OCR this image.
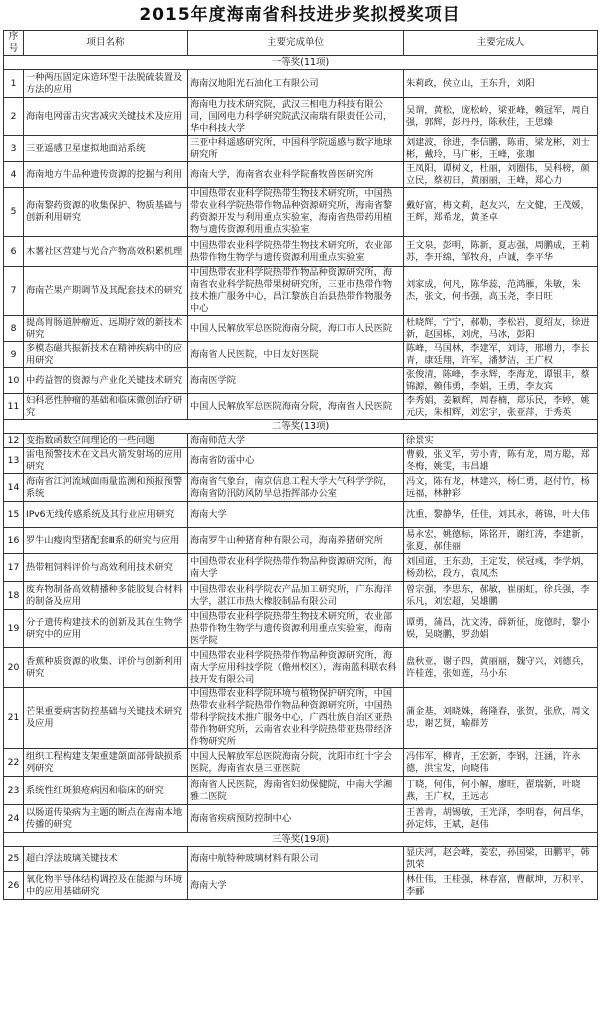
2015年度海南省科技进步奖拟授奖项目
序号	项目名称	主要完成单位	主要完成人
一等奖(11项)			
1	一种两压固定床造环型干法脱硫装置及方法的应用	海南汉地阳光石油化工有限公司	朱莉政，侯立山，王东升，刘阳
2	海南电网雷击灾害减灾关键技术及应用	海南电力技术研究院，武汉三相电力科技有限公司，国网电力科学研究院武汉南瑞有限责任公司，华中科技大学	吴谓，黄松，庞松岭，梁亚峰，赖冠军，周自强，郭辉，彭丹丹，陈秋佳，王思臻
3	三亚遥感卫星虚拟地面站系统	三亚中科遥感研究所，中国科学院遥感与数字地球研究所	刘建波，徐进，李信鹏，陈甫，梁龙彬，刘士彬，戴玲，马广彬，王峰，张珈
4	海南地方牛品种遗传资源的挖掘与利用	海南大学，海南省农业科学院畜牧兽医研究所	王凤阳，谭树义，杜丽，刘圈伟，吴科榜，颜立民，蔡初日，黄丽丽，王峰，郑心力
5	海南黎药资源的收集保护、物质基础与创新利用研究	中国热带农业科学院热带生物技术研究所，中国热带农业科学院热带作物品种资源研究所，海南省黎药资源开发与利用重点实验室，海南省热带药用植物与遗传资源利用重点实验室	戴好富，梅文莉，赵友兴，左文健，王茂媛，王辉，郑希龙，黄圣卓
6	木薯社区营建与光合产物高效积累机理	中国热带农业科学院热带生物技术研究所，农业部热带作物生物学与遗传资源利用重点实验室	王文泉，彭明，陈新，夏志强，周鹏成，王莉苏，李开绵，邹牧舟，卢诚，李平华
7	海南芒果产期调节及其配套技术的研究	中国热带农业科学院热带作物品种资源研究所，海南省农业科学院热带果树研究所，三亚市热带作物技术推广服务中心，昌江黎族自治县热带作物服务中心	刘家成，何凡，陈华蕊，范鸿雁，朱敏，朱杰，张文，何书强，高玉尧，李日旺
8	提高胃肠道肿瘤近、远期疗效的新技术研究	中国人民解放军总医院海南分院，海口市人民医院	杜晓辉，宁宁，郝勒，李松岩，夏绍友，徐进新，赵国栋，刘虎，马冰，彭阳
9	多模态磁共振新技术在精神疾病中的应用研究	海南省人民医院，中日友好医院	陈峰，马国林，李建军，刘诗，邢增力，李长青，康廷翔，许军，潘梦洁，王广权
10	中药益智的资源与产业化关键技术研究	海南医学院	张俊清，陈峰，李永辉，李海龙，谭银丰，蔡锦源，赖伟勇，李娟，王勇，李友宾
11	妇科恶性肿瘤的基础和临床微创治疗研究	中国人民解放军总医院海南分院，海南省人民医院	李秀娟，姜颖辉，周春楠，郑乐民，李婷，姚元庆，朱相辉，刘宏宇，张亚萍，于秀英
二等奖(13项)			
12	变指数函数空间理论的一些问题	海南师范大学	徐景实
13	雷电预警技术在文昌火箭发射场的应用研究	海南省防雷中心	曹毅，张义军，劳小青，陈有龙，周方聪，郑冬梅，姚雯，韦昌雄
14	海南省江河流域面雨量监测和预报预警系统	海南省气象台，南京信息工程大学大气科学学院，海南省防汛防风防旱总指挥部办公室	冯文，陈有龙，林建兴，杨仁勇，赵付竹，杨远福，林翀彩
15	IPv6无线传感系统及其行业应用研究	海南大学	沈重，黎静华，任佳，刘其永，蒋锦，叶大伟
16	罗牛山瘦肉型猪配套Ⅲ系的研究与应用	海南罗牛山种猪育种有限公司，海南养猪研究所	易永宏，姚德标，陈铭开，谢红涛，李建新，张夏，郝佳丽
17	热带粗饲料评价与高效利用技术研究	中国热带农业科学院热带作物品种资源研究所，海南大学	刘国道，王东劲，王定发，侯冠彧，李学炳，杨劲松，段方，袁凤杰
18	废弃物制备高效精播种多能胶复合材料的制备及应用	中国热带农业科学院农产品加工研究所，广东海洋大学，湛江市热大橡胶制品有限公司	曾宗强，李思东，郝敏，崔丽虹，徐兵强，李乐凡，刘宏超，吴雄鹏
19	分子遗传构建技术的创新及其在生物学研究中的应用	中国热带农业科学院热带生物技术研究所，农业部热带作物生物学与遗传资源利用重点实验室，海南医学院	谭勇，蒲昌，沈文涛，薛新征，庞德时，黎小娱，吴晓鹏，罗劲娟
20	香蕉种质资源的收集、评价与创新利用研究	中国热带农业科学院热带作物品种资源研究所，海南大学应用科技学院（儋州校区），海南蓝科联农科技开发有限公司	盘秋亚，谢子四，黄丽丽，魏守兴，刘德兵，许桂莲，张如莲，马小东
21	芒果重要病害防控基础与关键技术研究及应用	中国热带农业科学院环境与植物保护研究所，中国热带农业科学院热带作物品种资源研究所，中国热带科学院技术推广服务中心，广西壮族自治区亚热带作物研究所，云南省农业科学院热带亚热带经济作物研究所	蒲金基，刘晓姝，蒋隆春，张贺，张欣，周文忠，谢艺贤，喻群芳
22	组织工程构建支架重建颌面部骨缺损系列研究	中国人民解放军总医院海南分院，沈阳市红十字会医院，海南省农垦三亚医院	冯伟军，柳青，王宏新，李钢，汪涵，许永德，洪宝发，向晓伟
23	系统性红斑狼疮病因和临床的研究	海南省人民医院，海南省妇幼保健院，中南大学湘雅二医院	丁晓，何伟，何小解，廖旺，翟瑞新，叶晓燕，王广权，王远志
24	以肠道传染病为主题的断点在海南本地传播的研究	海南省疾病预防控制中心	王善青，胡锡敏，王光泽，李明春，何昌华，孙定炜，王斌，赵伟
三等奖(19项)			
25	超白浮法玻璃关键技术	海南中航特种玻璃材料有限公司	显庆河，赵会峰，姜宏，孙国梁，田鹏平，韩凯荣
26	氧化物半导体结构调控及在能源与环境中的应用基础研究	海南大学	林仕伟，王桂强，林春富，曹献坤，万积平，李郦
